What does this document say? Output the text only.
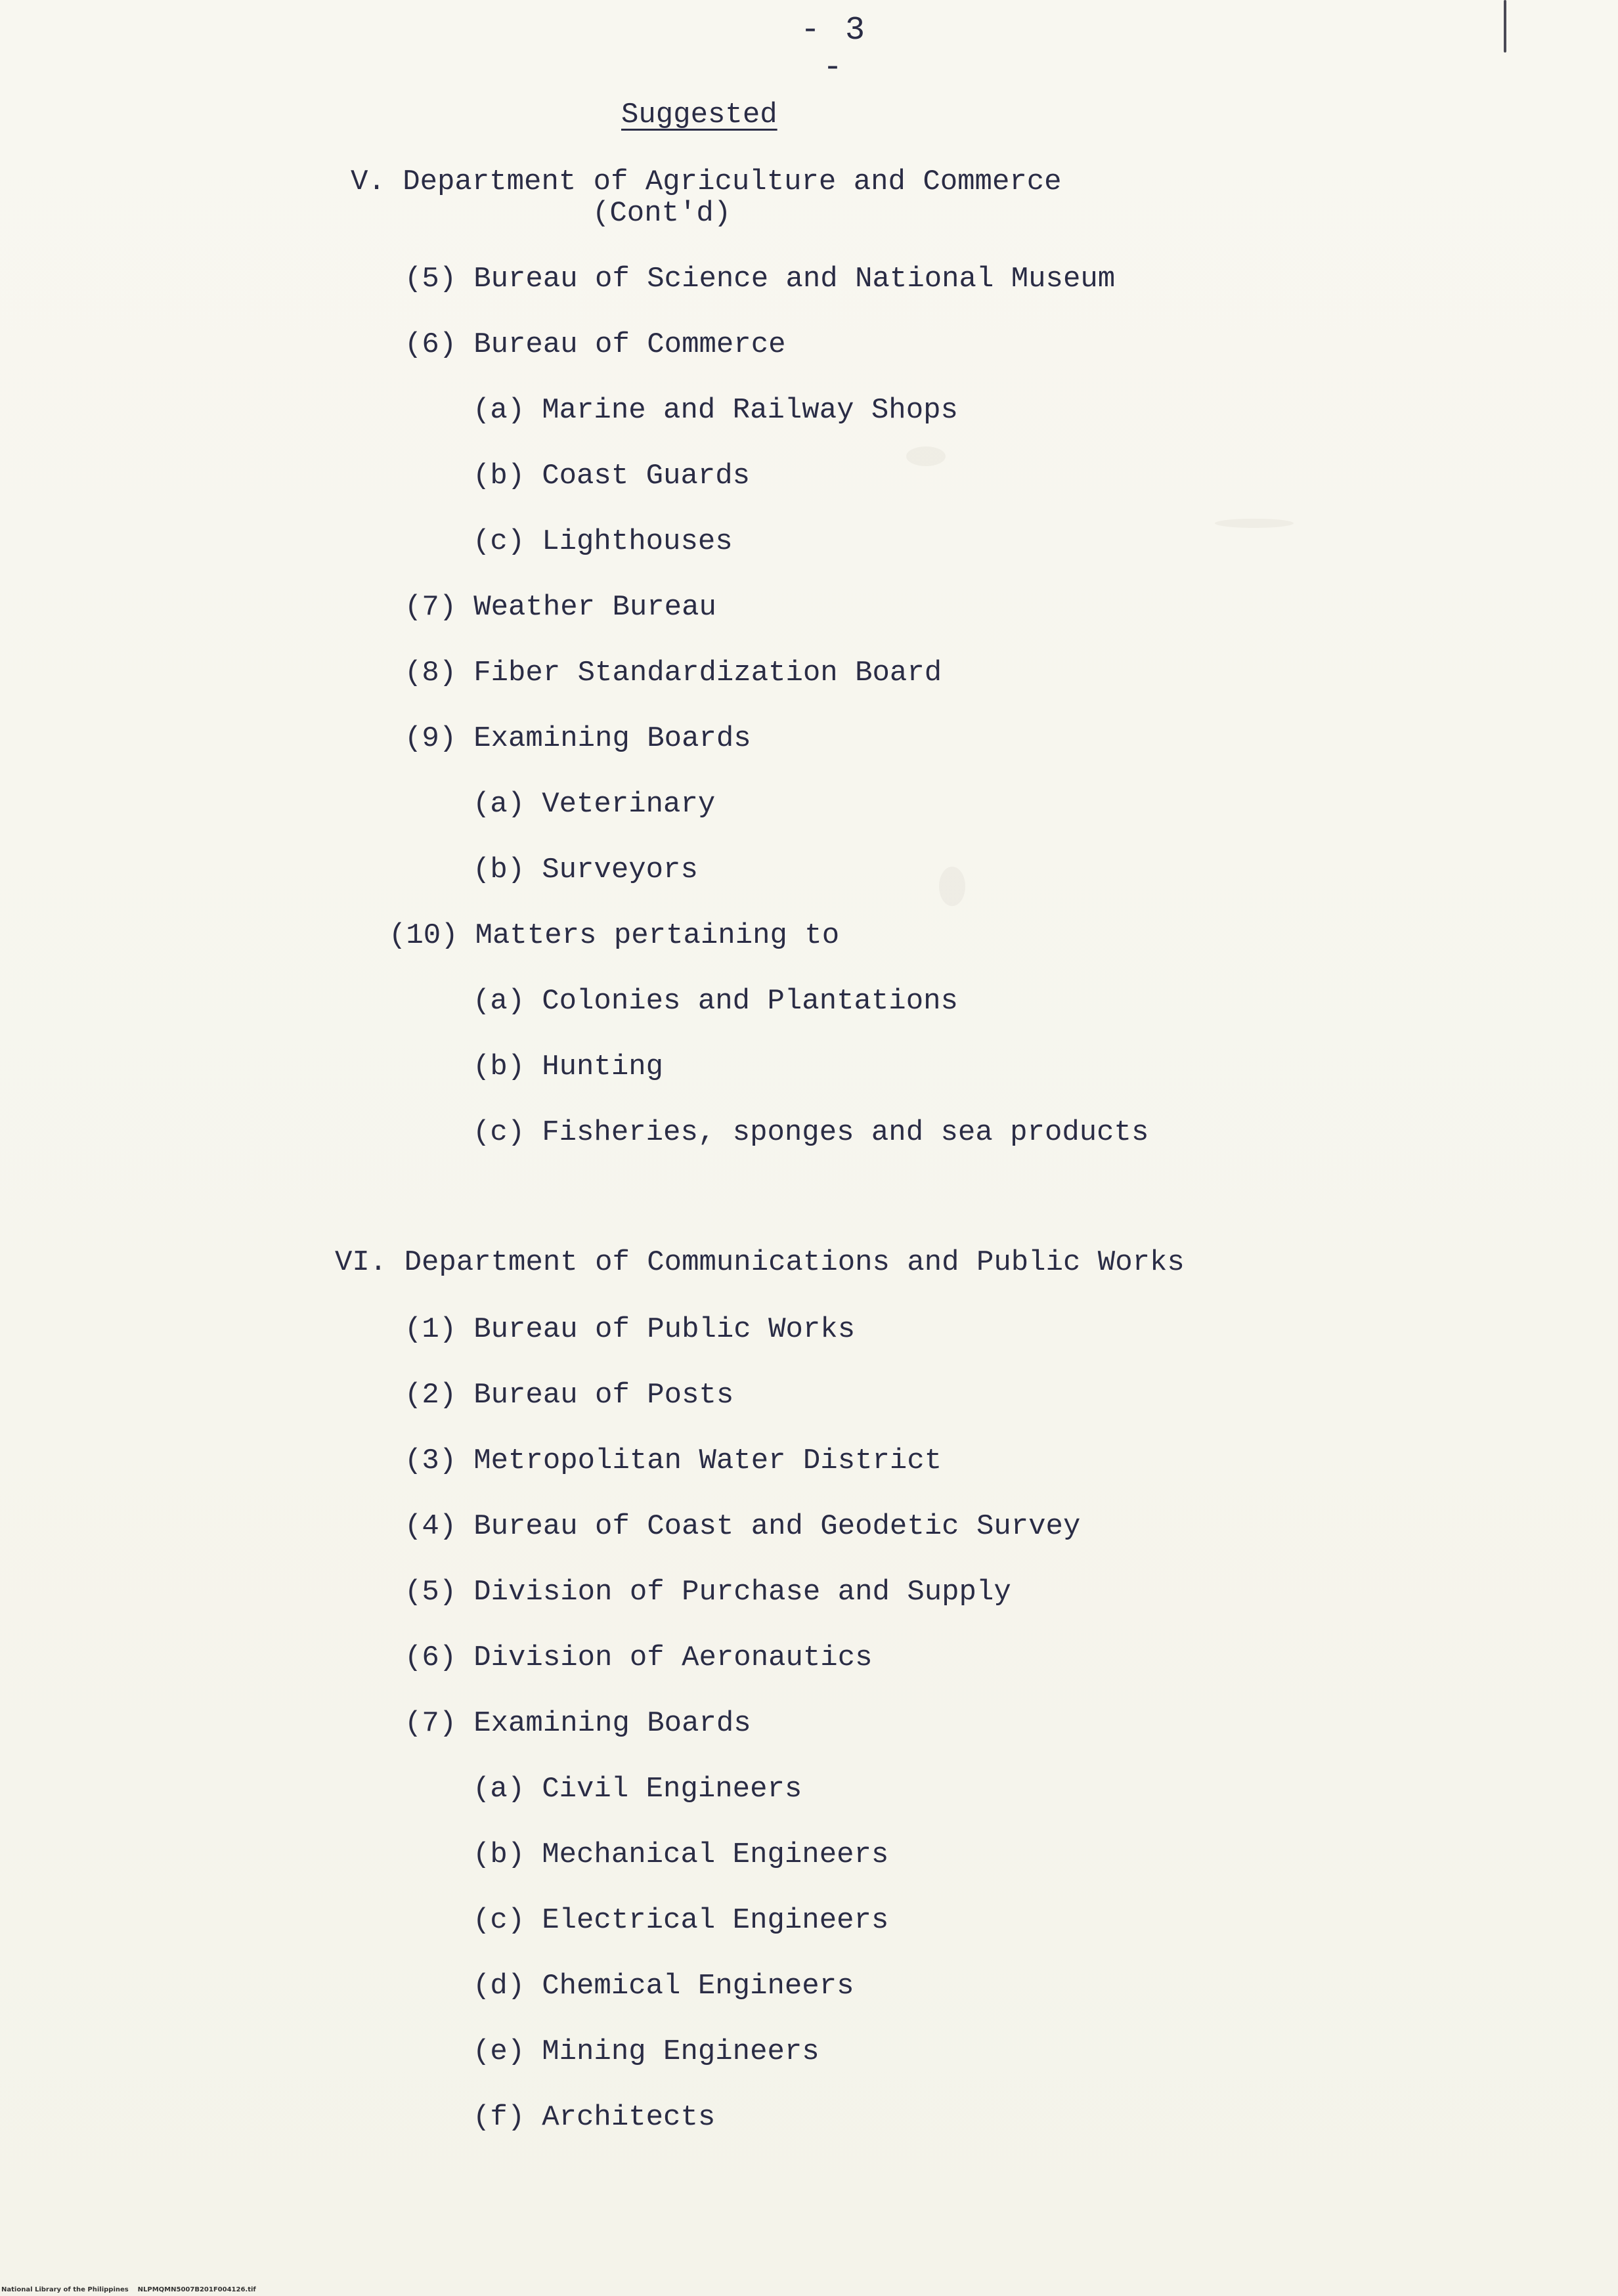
- 3 -
Suggested
V. Department of Agriculture and Commerce
(Cont'd)
(5) Bureau of Science and National Museum
(6) Bureau of Commerce
(a) Marine and Railway Shops
(b) Coast Guards
(c) Lighthouses
(7) Weather Bureau
(8) Fiber Standardization Board
(9) Examining Boards
(a) Veterinary
(b) Surveyors
(10) Matters pertaining to
(a) Colonies and Plantations
(b) Hunting
(c) Fisheries, sponges and sea products
VI. Department of Communications and Public Works
(1) Bureau of Public Works
(2) Bureau of Posts
(3) Metropolitan Water District
(4) Bureau of Coast and Geodetic Survey
(5) Division of Purchase and Supply
(6) Division of Aeronautics
(7) Examining Boards
(a) Civil Engineers
(b) Mechanical Engineers
(c) Electrical Engineers
(d) Chemical Engineers
(e) Mining Engineers
(f) Architects
National Library of the Philippines    NLPMQMN5007B201F004126.tif
